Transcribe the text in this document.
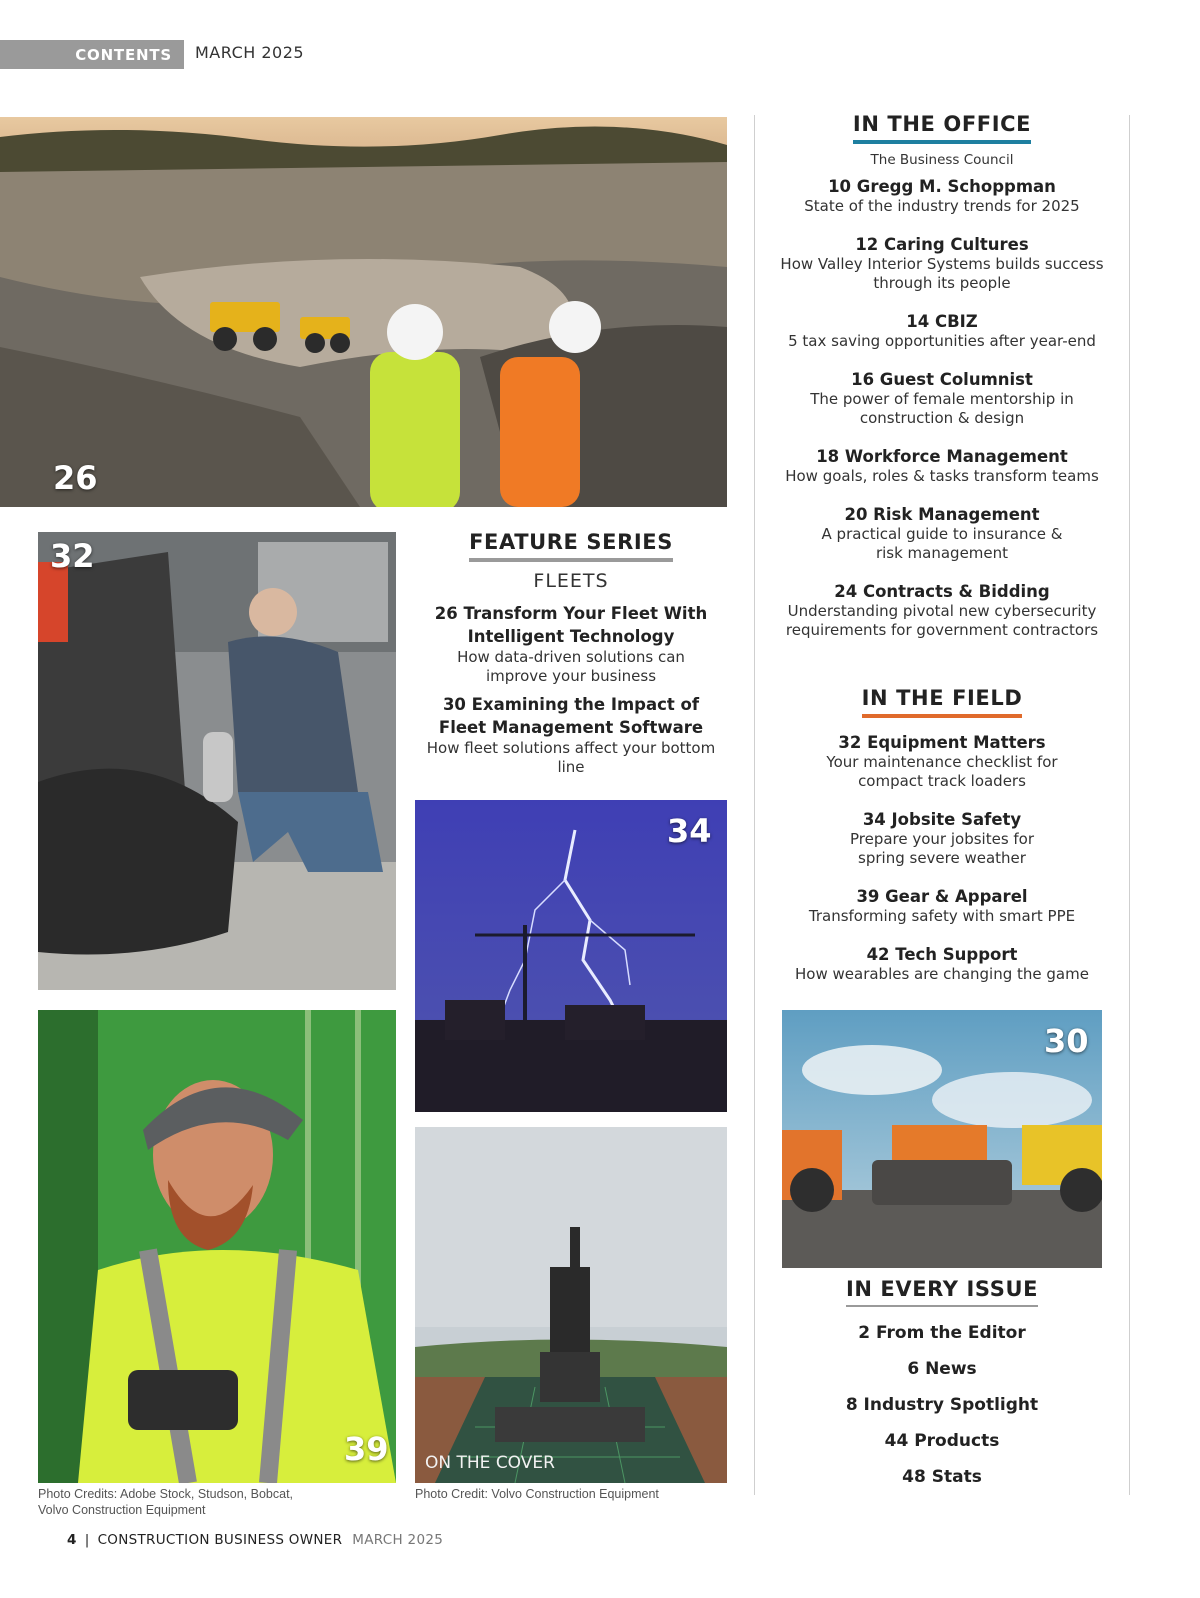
CONTENTS MARCH 2025
26
32	FEATURE SERIES
FLEETS
26 Transform Your Fleet With Intelligent Technology
How data-driven solutions can improve your business
30 Examining the Impact of Fleet Management Software
How fleet solutions affect your bottom line
34
39 ON THE COVER
Photo Credits: Adobe Stock, Studson, Bobcat,
Volvo Construction Equipment
Photo Credit: Volvo Construction Equipment
IN THE OFFICE
The Business Council
10 Gregg M. Schoppman
State of the industry trends for 2025
12 Caring Cultures
How Valley Interior Systems builds success through its people
14 CBIZ
5 tax saving opportunities after year-end
16 Guest Columnist
The power of female mentorship in construction & design
18 Workforce Management
How goals, roles & tasks transform teams
20 Risk Management
A practical guide to insurance & risk management
24 Contracts & Bidding
Understanding pivotal new cybersecurity requirements for government contractors
IN THE FIELD
32 Equipment Matters
Your maintenance checklist for compact track loaders
34 Jobsite Safety
Prepare your jobsites for spring severe weather
39 Gear & Apparel
Transforming safety with smart PPE
42 Tech Support
How wearables are changing the game
30
IN EVERY ISSUE
2 From the Editor
6 News
8 Industry Spotlight
44 Products
48 Stats
4 | CONSTRUCTION BUSINESS OWNER MARCH 2025
